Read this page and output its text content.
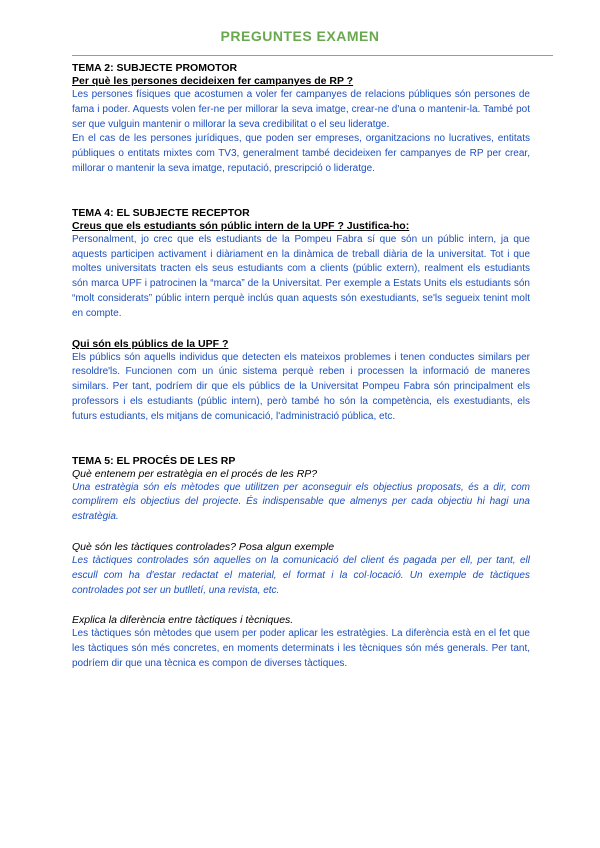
PREGUNTES EXAMEN

TEMA 2: SUBJECTE PROMOTOR

Per què les persones decideixen fer campanyes de RP ?

Les persones físiques que acostumen a voler fer campanyes de relacions públiques són persones de fama i poder. Aquests volen fer-ne per millorar la seva imatge, crear-ne d'una o mantenir-la. També pot ser que vulguin mantenir o millorar la seva credibilitat o el seu lideratge.

En el cas de les persones jurídiques, que poden ser empreses, organitzacions no lucratives, entitats públiques o entitats mixtes com TV3, generalment també decideixen fer campanyes de RP per crear, millorar o mantenir la seva imatge, reputació, prescripció o lideratge.

TEMA 4: EL SUBJECTE RECEPTOR

Creus que els estudiants són públic intern de la UPF ? Justifica-ho:

Personalment, jo crec que els estudiants de la Pompeu Fabra sí que són un públic intern, ja que aquests participen activament i diàriament en la dinàmica de treball diària de la universitat. Tot i que moltes universitats tracten els seus estudiants com a clients (públic extern), realment els estudiants són marca UPF i patrocinen la “marca” de la Universitat. Per exemple a Estats Units els estudiants són “molt considerats” públic intern perquè inclús quan aquests són exestudiants, se'ls segueix tenint molt en compte.

Qui són els públics de la UPF ?

Els públics són aquells individus que detecten els mateixos problemes i tenen conductes similars per resoldre'ls. Funcionen com un únic sistema perquè reben i processen la informació de maneres similars. Per tant, podríem dir que els públics de la Universitat Pompeu Fabra són principalment els professors i els estudiants (públic intern), però també ho són la competència, els exestudiants, els futurs estudiants, els mitjans de comunicació, l'administració pública, etc.

TEMA 5: EL PROCÉS DE LES RP

Què entenem per estratègia en el procés de les RP?

Una estratègia són els mètodes que utilitzen per aconseguir els objectius proposats, és a dir, com complirem els objectius del projecte. És indispensable que almenys per cada objectiu hi hagi una estratègia.

Què són les tàctiques controlades? Posa algun exemple

Les tàctiques controlades són aquelles on la comunicació del client és pagada per ell, per tant, ell escull com ha d'estar redactat el material, el format i la col·locació. Un exemple de tàctiques controlades pot ser un butlletí, una revista, etc.

Explica la diferència entre tàctiques i tècniques.

Les tàctiques són mètodes que usem per poder aplicar les estratègies. La diferència està en el fet que les tàctiques són més concretes, en moments determinats i les tècniques són més generals. Per tant, podríem dir que una tècnica es compon de diverses tàctiques.
